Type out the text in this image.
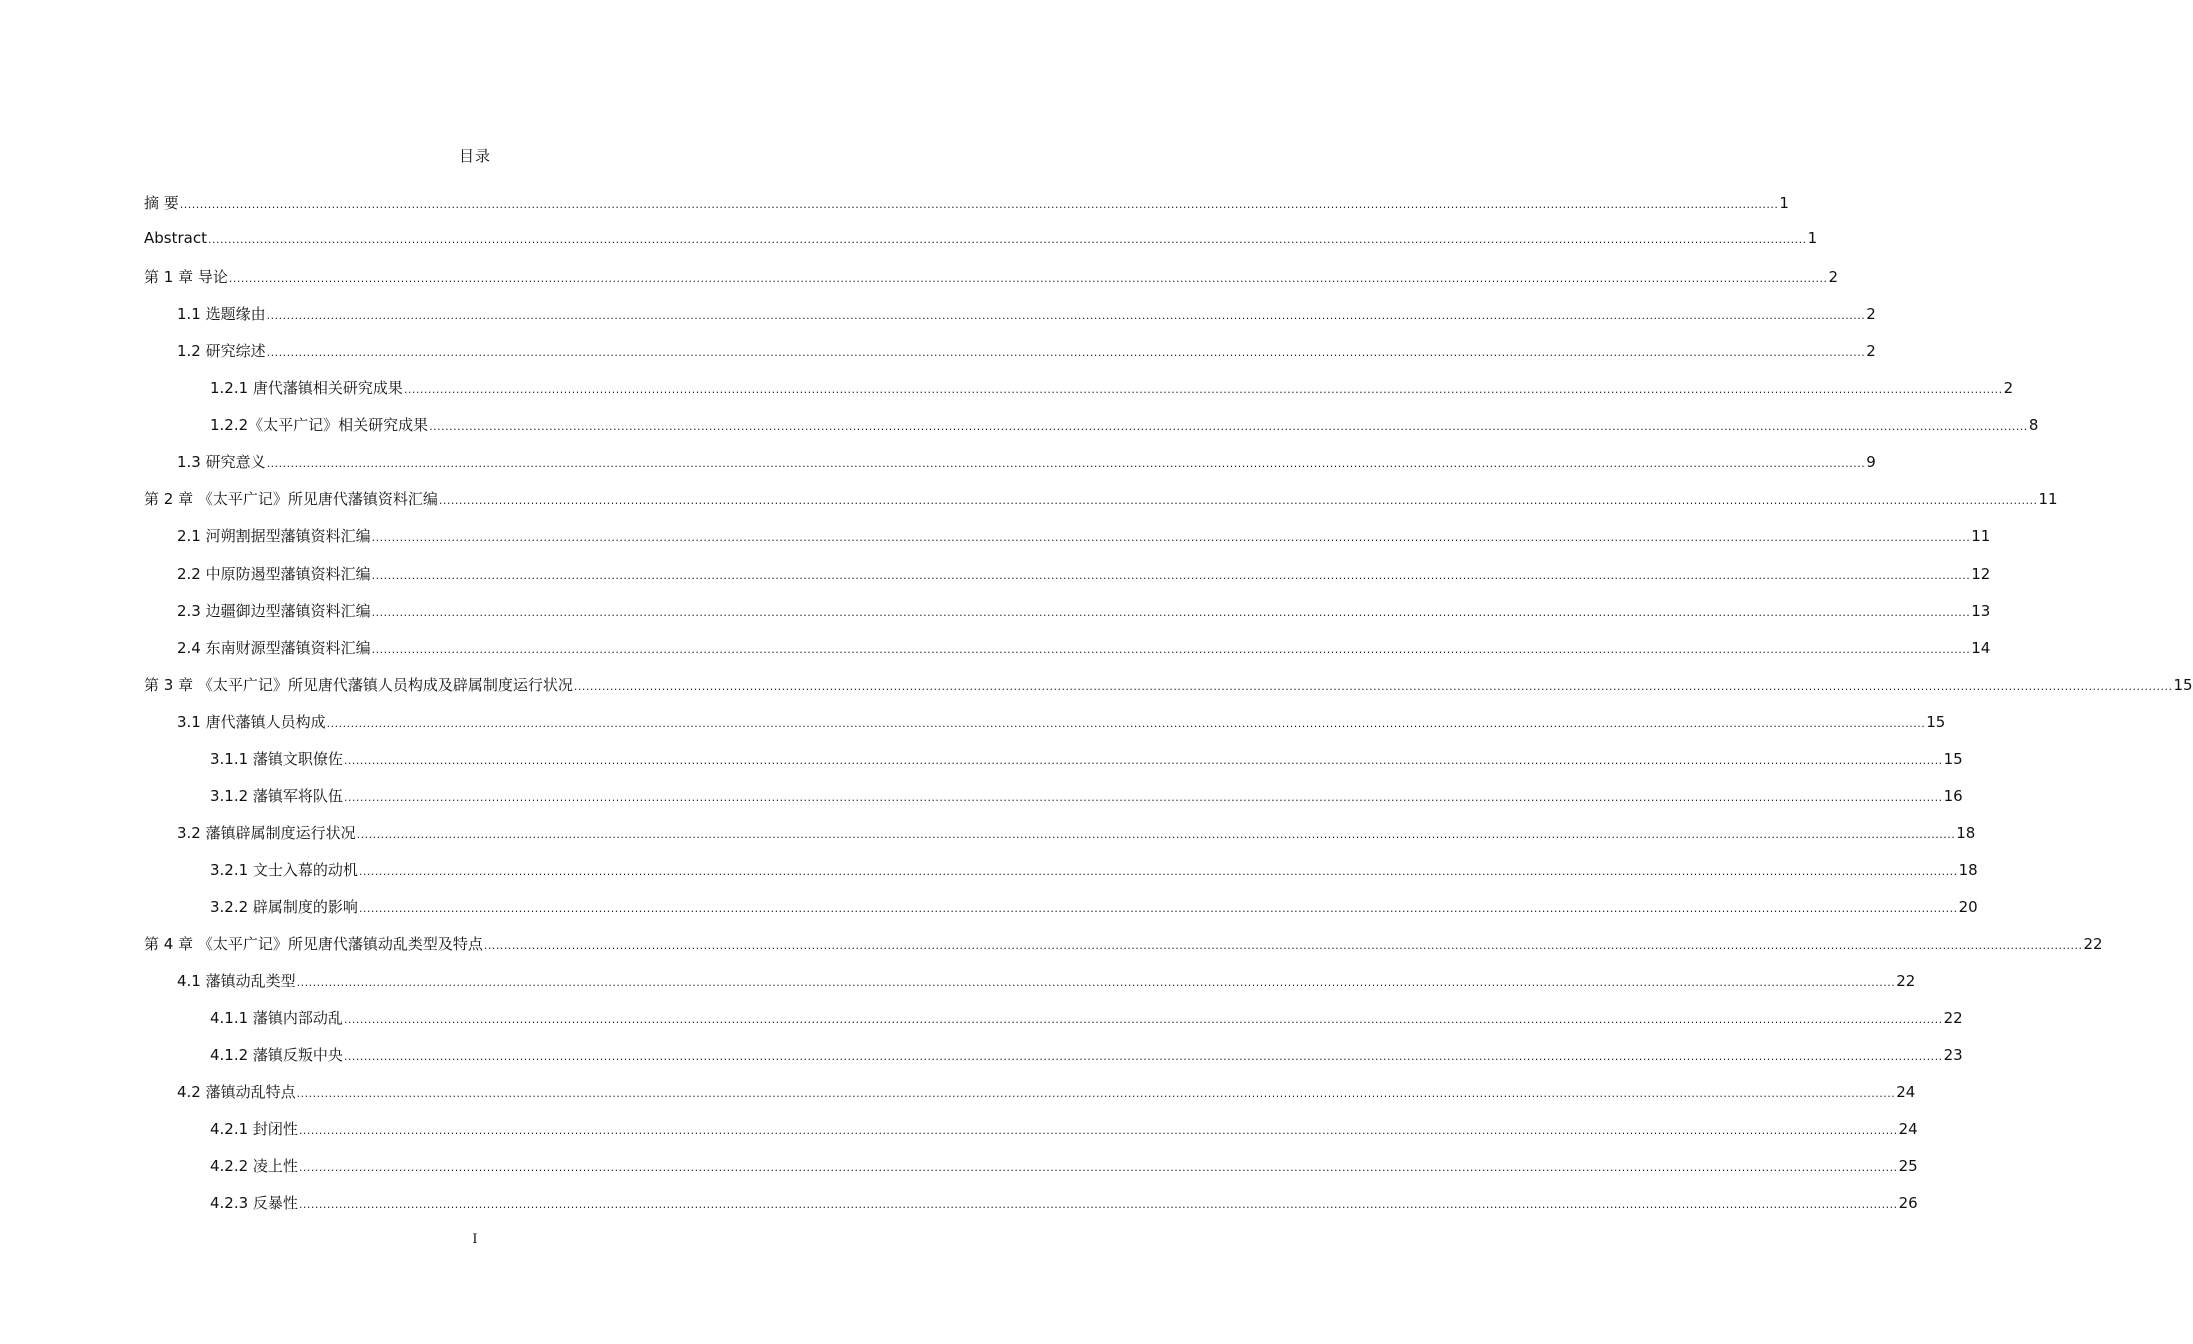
目录
摘 要 ................................................................................................................................................................................................................................................................................................................................................................................................................ 1
Abstract ................................................................................................................................................................................................................................................................................................................................................................................................................ 1
第 1 章 导论 ................................................................................................................................................................................................................................................................................................................................................................................................................ 2
1.1 选题缘由 ................................................................................................................................................................................................................................................................................................................................................................................................................ 2
1.2 研究综述 ................................................................................................................................................................................................................................................................................................................................................................................................................ 2
1.2.1 唐代藩镇相关研究成果 ................................................................................................................................................................................................................................................................................................................................................................................................................ 2
1.2.2《太平广记》相关研究成果 ................................................................................................................................................................................................................................................................................................................................................................................................................ 8
1.3 研究意义 ................................................................................................................................................................................................................................................................................................................................................................................................................ 9
第 2 章 《太平广记》所见唐代藩镇资料汇编 ................................................................................................................................................................................................................................................................................................................................................................................................................ 11
2.1 河朔割据型藩镇资料汇编 ................................................................................................................................................................................................................................................................................................................................................................................................................ 11
2.2 中原防遏型藩镇资料汇编 ................................................................................................................................................................................................................................................................................................................................................................................................................ 12
2.3 边疆御边型藩镇资料汇编 ................................................................................................................................................................................................................................................................................................................................................................................................................ 13
2.4 东南财源型藩镇资料汇编 ................................................................................................................................................................................................................................................................................................................................................................................................................ 14
第 3 章 《太平广记》所见唐代藩镇人员构成及辟属制度运行状况 ................................................................................................................................................................................................................................................................................................................................................................................................................ 15
3.1 唐代藩镇人员构成 ................................................................................................................................................................................................................................................................................................................................................................................................................ 15
3.1.1 藩镇文职僚佐 ................................................................................................................................................................................................................................................................................................................................................................................................................ 15
3.1.2 藩镇军将队伍 ................................................................................................................................................................................................................................................................................................................................................................................................................ 16
3.2 藩镇辟属制度运行状况 ................................................................................................................................................................................................................................................................................................................................................................................................................ 18
3.2.1 文士入幕的动机 ................................................................................................................................................................................................................................................................................................................................................................................................................ 18
3.2.2 辟属制度的影响 ................................................................................................................................................................................................................................................................................................................................................................................................................ 20
第 4 章 《太平广记》所见唐代藩镇动乱类型及特点 ................................................................................................................................................................................................................................................................................................................................................................................................................ 22
4.1 藩镇动乱类型 ................................................................................................................................................................................................................................................................................................................................................................................................................ 22
4.1.1 藩镇内部动乱 ................................................................................................................................................................................................................................................................................................................................................................................................................ 22
4.1.2 藩镇反叛中央 ................................................................................................................................................................................................................................................................................................................................................................................................................ 23
4.2 藩镇动乱特点 ................................................................................................................................................................................................................................................................................................................................................................................................................ 24
4.2.1 封闭性 ................................................................................................................................................................................................................................................................................................................................................................................................................ 24
4.2.2 凌上性 ................................................................................................................................................................................................................................................................................................................................................................................................................ 25
4.2.3 反暴性 ................................................................................................................................................................................................................................................................................................................................................................................................................ 26
I
